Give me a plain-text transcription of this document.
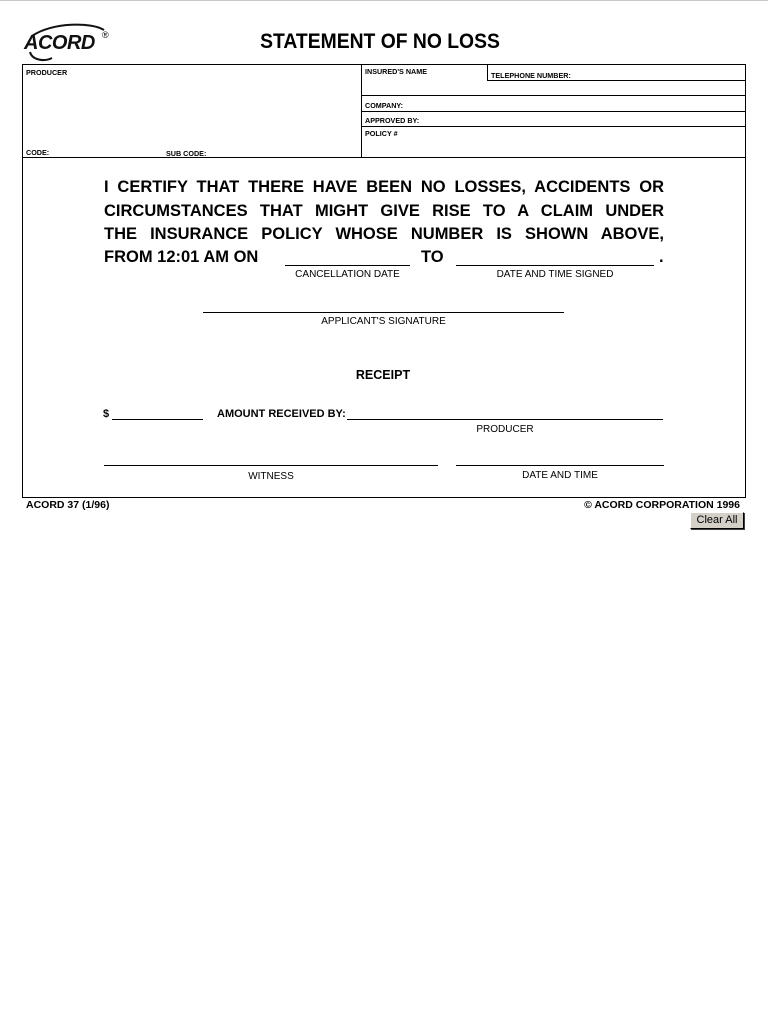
ACORD ®	STATEMENT OF NO LOSS
PRODUCER
CODE:	SUB CODE:
INSURED'S NAME	TELEPHONE NUMBER:
COMPANY:
APPROVED BY:
POLICY #
I CERTIFY THAT THERE HAVE BEEN NO LOSSES, ACCIDENTS OR
CIRCUMSTANCES THAT MIGHT GIVE RISE TO A CLAIM UNDER
THE INSURANCE POLICY WHOSE NUMBER IS SHOWN ABOVE,
FROM 12:01 AM ON	TO	.
CANCELLATION DATE	DATE AND TIME SIGNED
APPLICANT'S SIGNATURE
RECEIPT
$	AMOUNT RECEIVED BY:
PRODUCER
WITNESS	DATE AND TIME
ACORD 37 (1/96)	© ACORD CORPORATION 1996
Clear All
